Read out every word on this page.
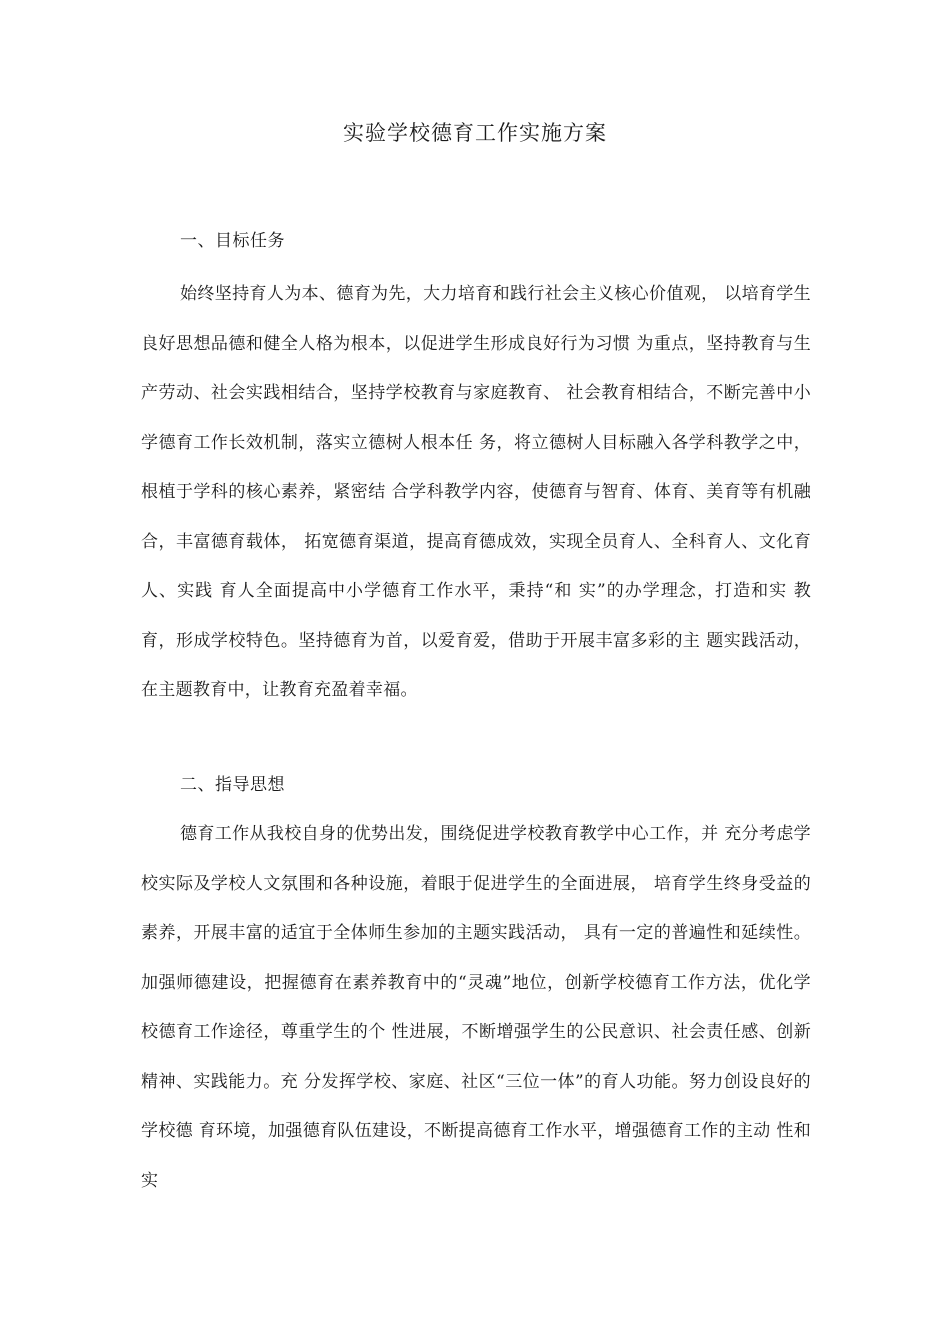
实验学校德育工作实施方案
一、目标任务

始终坚持育人为本、德育为先，大力培育和践行社会主义核心价值观， 以培育学生良好思想品德和健全人格为根本，以促进学生形成良好行为习惯 为重点，坚持教育与生产劳动、社会实践相结合，坚持学校教育与家庭教育、 社会教育相结合，不断完善中小学德育工作长效机制，落实立德树人根本任 务，将立德树人目标融入各学科教学之中，根植于学科的核心素养，紧密结 合学科教学内容，使德育与智育、体育、美育等有机融合，丰富德育载体， 拓宽德育渠道，提高育德成效，实现全员育人、全科育人、文化育人、实践 育人全面提高中小学德育工作水平，秉持“和 实”的办学理念，打造和实 教育，形成学校特色。坚持德育为首，以爱育爱，借助于开展丰富多彩的主 题实践活动，在主题教育中，让教育充盈着幸福。

二、指导思想

德育工作从我校自身的优势出发，围绕促进学校教育教学中心工作，并 充分考虑学校实际及学校人文氛围和各种设施，着眼于促进学生的全面进展， 培育学生终身受益的素养，开展丰富的适宜于全体师生参加的主题实践活动， 具有一定的普遍性和延续性。加强师德建设，把握德育在素养教育中的“灵魂”地位，创新学校德育工作方法，优化学校德育工作途径，尊重学生的个 性进展，不断增强学生的公民意识、社会责任感、创新精神、实践能力。充 分发挥学校、家庭、社区“三位一体”的育人功能。努力创设良好的学校德 育环境，加强德育队伍建设，不断提高德育工作水平，增强德育工作的主动 性和实
